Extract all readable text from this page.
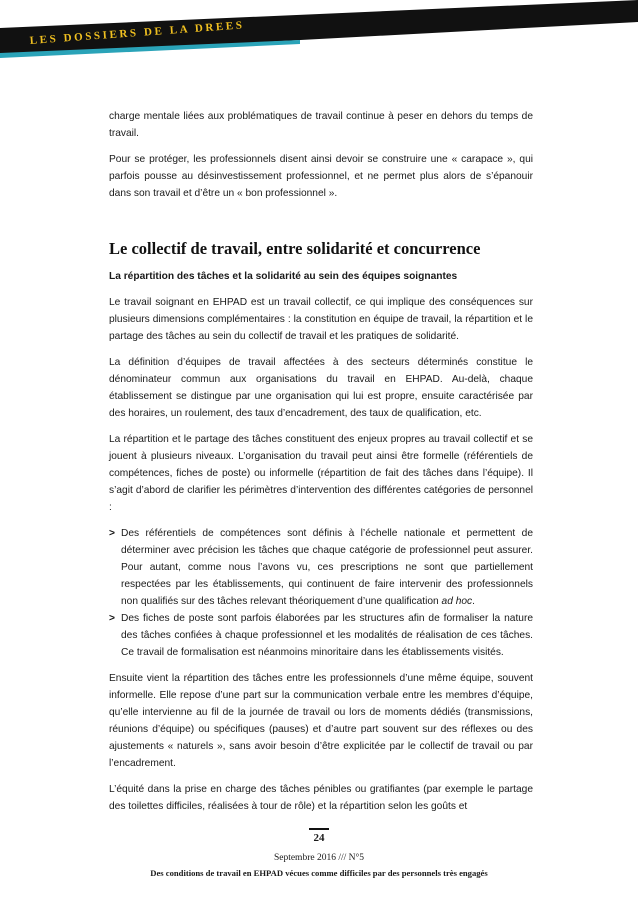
LES DOSSIERS DE LA DREES

charge mentale liées aux problématiques de travail continue à peser en dehors du temps de travail.

Pour se protéger, les professionnels disent ainsi devoir se construire une « carapace », qui parfois pousse au désinvestissement professionnel, et ne permet plus alors de s’épanouir dans son travail et d’être un « bon professionnel ».

Le collectif de travail, entre solidarité et concurrence

La répartition des tâches et la solidarité au sein des équipes soignantes

Le travail soignant en EHPAD est un travail collectif, ce qui implique des conséquences sur plusieurs dimensions complémentaires : la constitution en équipe de travail, la répartition et le partage des tâches au sein du collectif de travail et les pratiques de solidarité.

La définition d’équipes de travail affectées à des secteurs déterminés constitue le dénominateur commun aux organisations du travail en EHPAD. Au-delà, chaque établissement se distingue par une organisation qui lui est propre, ensuite caractérisée par des horaires, un roulement, des taux d’encadrement, des taux de qualification, etc.

La répartition et le partage des tâches constituent des enjeux propres au travail collectif et se jouent à plusieurs niveaux. L’organisation du travail peut ainsi être formelle (référentiels de compétences, fiches de poste) ou informelle (répartition de fait des tâches dans l’équipe). Il s’agit d’abord de clarifier les périmètres d’intervention des différentes catégories de personnel :

> Des référentiels de compétences sont définis à l’échelle nationale et permettent de déterminer avec précision les tâches que chaque catégorie de professionnel peut assurer. Pour autant, comme nous l’avons vu, ces prescriptions ne sont que partiellement respectées par les établissements, qui continuent de faire intervenir des professionnels non qualifiés sur des tâches relevant théoriquement d’une qualification ad hoc.
> Des fiches de poste sont parfois élaborées par les structures afin de formaliser la nature des tâches confiées à chaque professionnel et les modalités de réalisation de ces tâches. Ce travail de formalisation est néanmoins minoritaire dans les établissements visités.

Ensuite vient la répartition des tâches entre les professionnels d’une même équipe, souvent informelle. Elle repose d’une part sur la communication verbale entre les membres d’équipe, qu’elle intervienne au fil de la journée de travail ou lors de moments dédiés (transmissions, réunions d’équipe) ou spécifiques (pauses) et d’autre part souvent sur des réflexes ou des ajustements « naturels », sans avoir besoin d’être explicitée par le collectif de travail ou par l’encadrement.

L’équité dans la prise en charge des tâches pénibles ou gratifiantes (par exemple le partage des toilettes difficiles, réalisées à tour de rôle) et la répartition selon les goûts et

24
Septembre 2016 /// N°5
Des conditions de travail en EHPAD vécues comme difficiles par des personnels très engagés
